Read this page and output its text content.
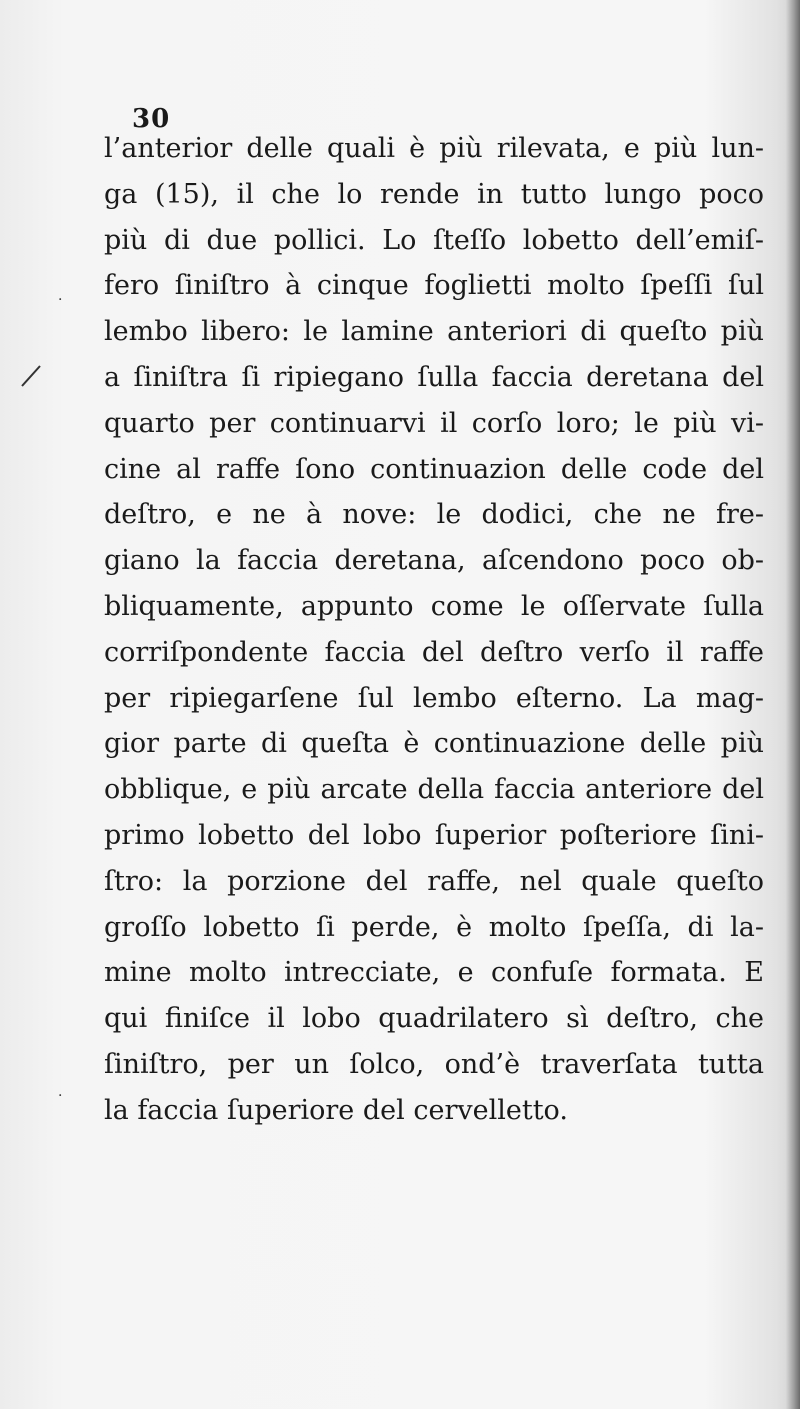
30
l’anterior delle quali è più rilevata, e più lun-
ga (15), il che lo rende in tutto lungo poco
più di due pollici. Lo ſteſſo lobetto dell’emiſ-
fero ſiniſtro à cinque foglietti molto ſpeſſi ſul
lembo libero: le lamine anteriori di queſto più
a ſiniſtra ſi ripiegano ſulla faccia deretana del
quarto per continuarvi il corſo loro; le più vi-
cine al raffe ſono continuazion delle code del
deſtro, e ne à nove: le dodici, che ne fre-
giano la faccia deretana, aſcendono poco ob-
bliquamente, appunto come le oſſervate ſulla
corriſpondente faccia del deſtro verſo il raffe
per ripiegarſene ſul lembo eſterno. La mag-
gior parte di queſta è continuazione delle più
obblique, e più arcate della faccia anteriore del
primo lobetto del lobo ſuperior poſteriore ſini-
ſtro: la porzione del raffe, nel quale queſto
groſſo lobetto ſi perde, è molto ſpeſſa, di la-
mine molto intrecciate, e confuſe formata. E
qui finiſce il lobo quadrilatero sì deſtro, che
ſiniſtro, per un ſolco, ond’è traverſata tutta
la faccia ſuperiore del cervelletto.
·
·
